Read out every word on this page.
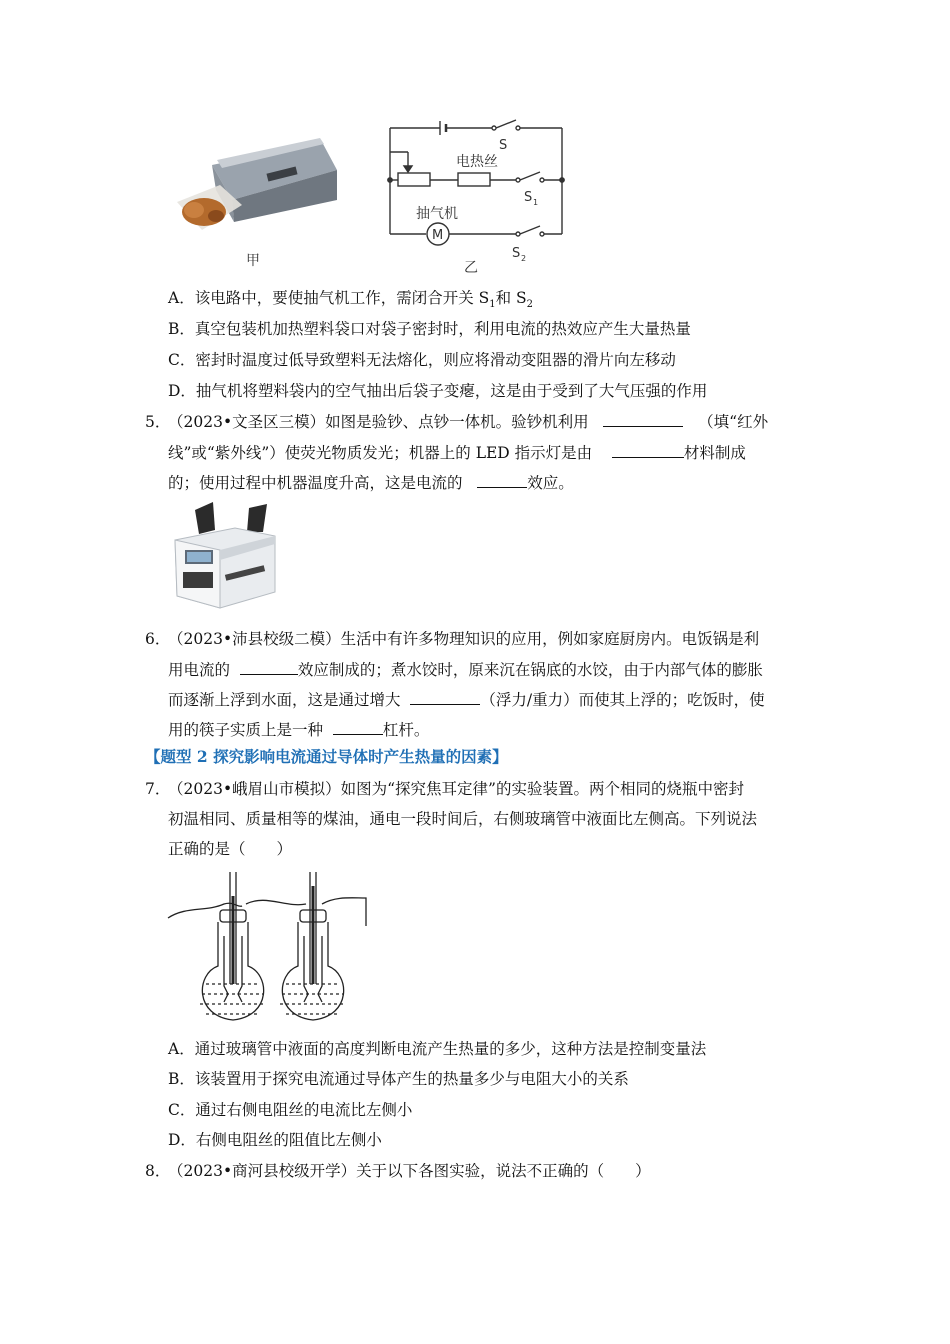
甲
S
电热丝
S 1
抽气机
M
S 2
乙
A．该电路中，要使抽气机工作，需闭合开关 $S_1$和 $S_2$
B．真空包装机加热塑料袋口对袋子密封时，利用电流的热效应产生大量热量
C．密封时温度过低导致塑料无法熔化，则应将滑动变阻器的滑片向左移动
D．抽气机将塑料袋内的空气抽出后袋子变瘪，这是由于受到了大气压强的作用
5．
（2023•文圣区三模）如图是验钞、点钞一体机。验钞机利用	（填“红外
线”或“紫外线”）使荧光物质发光；机器上的 LED 指示灯是由	材料制成
的；使用过程中机器温度升高，这是电流的	效应。
6．
（2023•沛县校级二模）生活中有许多物理知识的应用，例如家庭厨房内。电饭锅是利
用电流的	效应制成的；煮水饺时，原来沉在锅底的水饺，由于内部气体的膨胀
而逐渐上浮到水面，这是通过增大	（浮力/重力）而使其上浮的；吃饭时，使
用的筷子实质上是一种	杠杆。
【题型 2 探究影响电流通过导体时产生热量的因素】
7．
（2023•峨眉山市模拟）如图为“探究焦耳定律”的实验装置。两个相同的烧瓶中密封
初温相同、质量相等的煤油，通电一段时间后，右侧玻璃管中液面比左侧高。下列说法
正确的是（　　）
A．通过玻璃管中液面的高度判断电流产生热量的多少，这种方法是控制变量法
B．该装置用于探究电流通过导体产生的热量多少与电阻大小的关系
C．通过右侧电阻丝的电流比左侧小
D．右侧电阻丝的阻值比左侧小
8．
（2023•商河县校级开学）关于以下各图实验，说法不正确的（　　）
